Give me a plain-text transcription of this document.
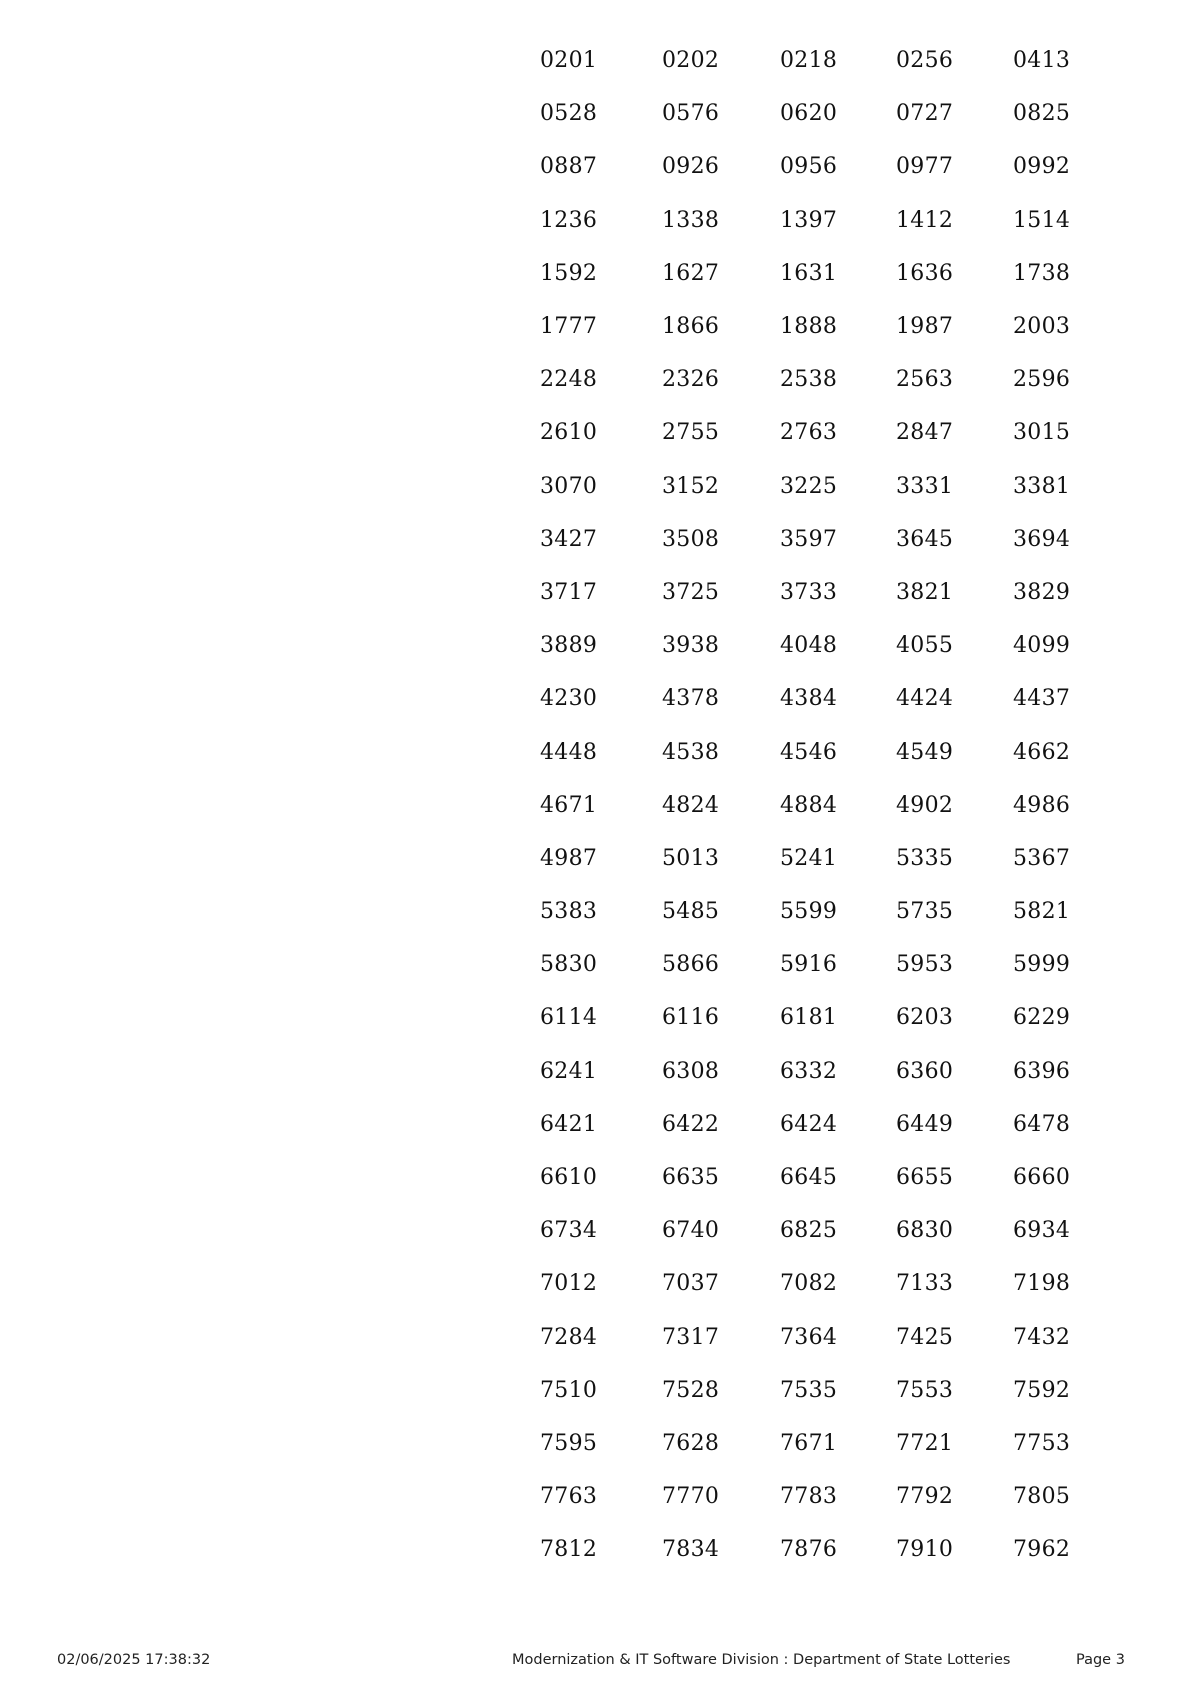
0201	0202	0218	0256	0413
0528	0576	0620	0727	0825
0887	0926	0956	0977	0992
1236	1338	1397	1412	1514
1592	1627	1631	1636	1738
1777	1866	1888	1987	2003
2248	2326	2538	2563	2596
2610	2755	2763	2847	3015
3070	3152	3225	3331	3381
3427	3508	3597	3645	3694
3717	3725	3733	3821	3829
3889	3938	4048	4055	4099
4230	4378	4384	4424	4437
4448	4538	4546	4549	4662
4671	4824	4884	4902	4986
4987	5013	5241	5335	5367
5383	5485	5599	5735	5821
5830	5866	5916	5953	5999
6114	6116	6181	6203	6229
6241	6308	6332	6360	6396
6421	6422	6424	6449	6478
6610	6635	6645	6655	6660
6734	6740	6825	6830	6934
7012	7037	7082	7133	7198
7284	7317	7364	7425	7432
7510	7528	7535	7553	7592
7595	7628	7671	7721	7753
7763	7770	7783	7792	7805
7812	7834	7876	7910	7962
02/06/2025 17:38:32	Modernization & IT Software Division : Department of State Lotteries	Page 3
